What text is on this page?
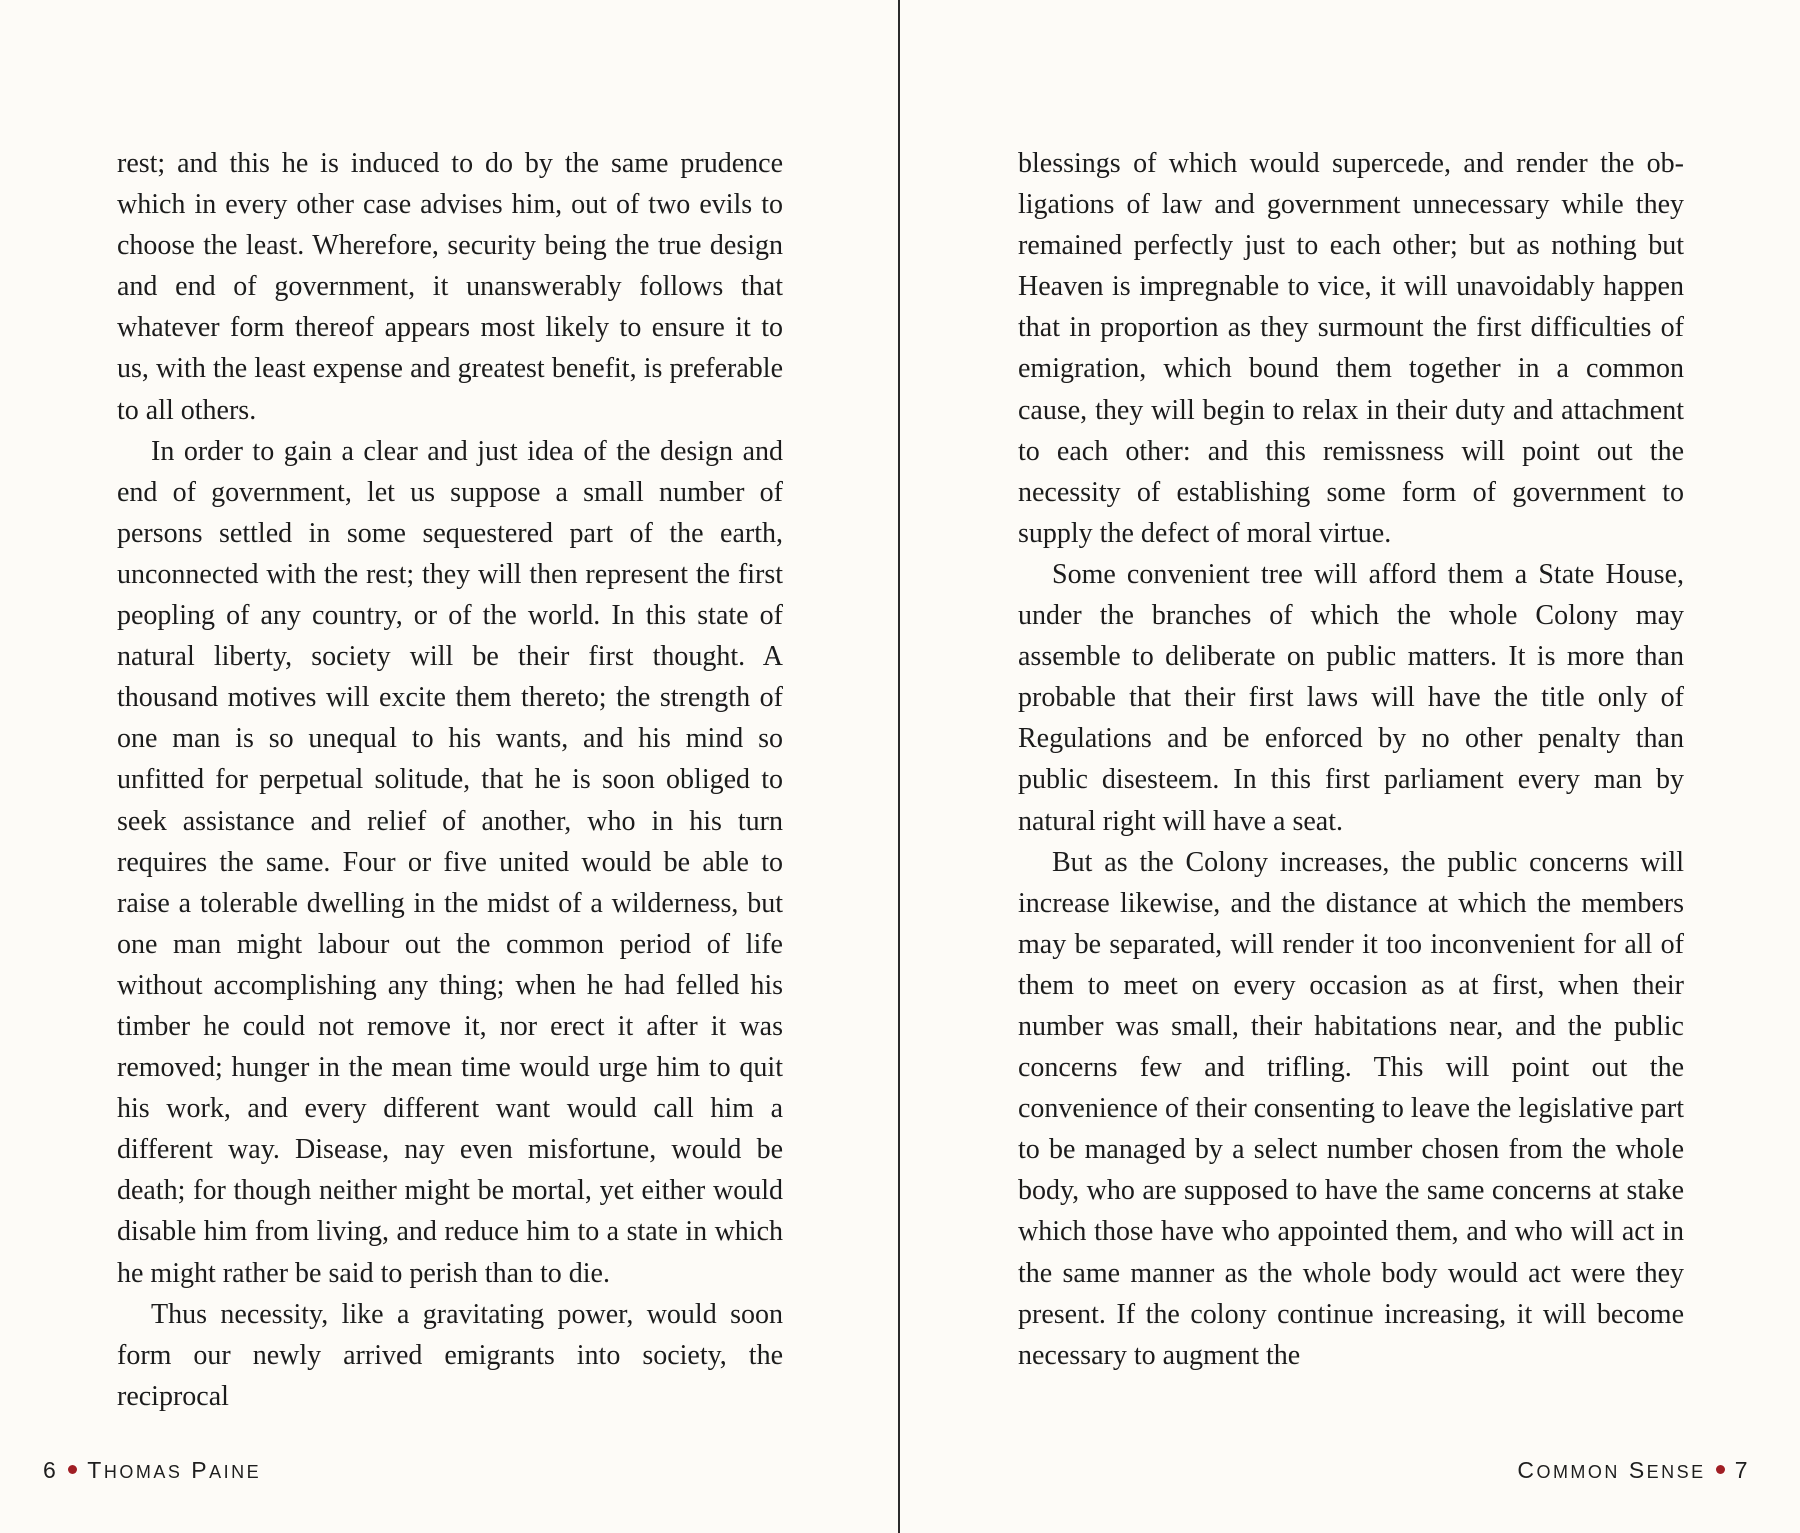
rest; and this he is induced to do by the same prudence which in every other case advises him, out of two evils to choose the least. Wherefore, security being the true design and end of government, it unanswerably follows that whatever form thereof appears most likely to ensure it to us, with the least expense and greatest benefit, is preferable to all others.

In order to gain a clear and just idea of the design and end of government, let us suppose a small number of persons settled in some sequestered part of the earth, unconnected with the rest; they will then represent the first peopling of any country, or of the world. In this state of natural liberty, society will be their first thought. A thousand motives will excite them thereto; the strength of one man is so unequal to his wants, and his mind so unfitted for perpetual solitude, that he is soon obliged to seek assistance and relief of another, who in his turn requires the same. Four or five united would be able to raise a tolerable dwelling in the midst of a wilderness, but one man might labour out the common period of life without accomplishing any thing; when he had felled his timber he could not remove it, nor erect it after it was removed; hunger in the mean time would urge him to quit his work, and every different want would call him a different way. Disease, nay even misfortune, would be death; for though neither might be mortal, yet either would disable him from living, and reduce him to a state in which he might rather be said to perish than to die.

Thus necessity, like a gravitating power, would soon form our newly arrived emigrants into society, the reciprocal

6 THOMAS PAINE

blessings of which would supercede, and render the obligations of law and government unnecessary while they remained perfectly just to each other; but as nothing but Heaven is impregnable to vice, it will unavoidably happen that in proportion as they surmount the first difficulties of emigration, which bound them together in a common cause, they will begin to relax in their duty and attachment to each other: and this remissness will point out the necessity of establishing some form of government to supply the defect of moral virtue.

Some convenient tree will afford them a State House, under the branches of which the whole Colony may assemble to deliberate on public matters. It is more than probable that their first laws will have the title only of Regulations and be enforced by no other penalty than public disesteem. In this first parliament every man by natural right will have a seat.

But as the Colony increases, the public concerns will increase likewise, and the distance at which the members may be separated, will render it too inconvenient for all of them to meet on every occasion as at first, when their number was small, their habitations near, and the public concerns few and trifling. This will point out the convenience of their consenting to leave the legislative part to be managed by a select number chosen from the whole body, who are supposed to have the same concerns at stake which those have who appointed them, and who will act in the same manner as the whole body would act were they present. If the colony continue increasing, it will become necessary to augment the

COMMON SENSE 7
